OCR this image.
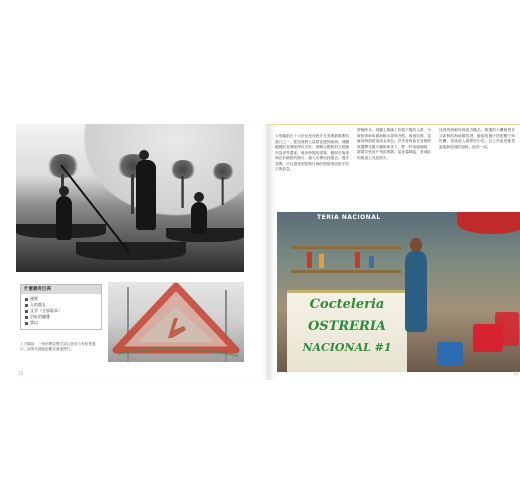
什麼最有巨亮
國營
入的漁丸
文学（全部版本）
浴缸的優雅
禁以
上方圖說：三角形標誌警告請注意前方有船隻通行，請保持適當距離並減速慢行。
72
卡塔赫納在十六世紀是西班牙在美洲最重要的港口之一，從這裡將大量財富運回歐洲。城牆圍繞的老城區保存完好，被聯合國教科文組織列為世界遺產。殖民時期的建築、鵝卵石街道與色彩繽紛的陽台，讓人彷彿回到過去。漫步其間，可以感受到加勒比海的熱情與西班牙的古典氣息。
傍晚時分，城牆上擠滿了欣賞夕陽的人群，小販推著車叫賣新鮮水果與冷飲。海風吹拂，遠處的海面被染成金黃色。許多遊客會在這個時候選擇在露天咖啡座坐下，點一杯當地咖啡，靜靜享受這片刻的寧靜。當夜幕降臨，老城區的街道上亮起燈火。
這裡的海鮮料理遠近馳名，路邊的小攤販售各式新鮮的海產雞尾酒，酸甜的醬汁搭配蝦子與牡蠣，是當地人最愛的小吃。以上所說的都是當地最道地的風味，值得一試。
TERIA NACIONAL
Cocteleria
OSTRERIA
NACIONAL #1
73
